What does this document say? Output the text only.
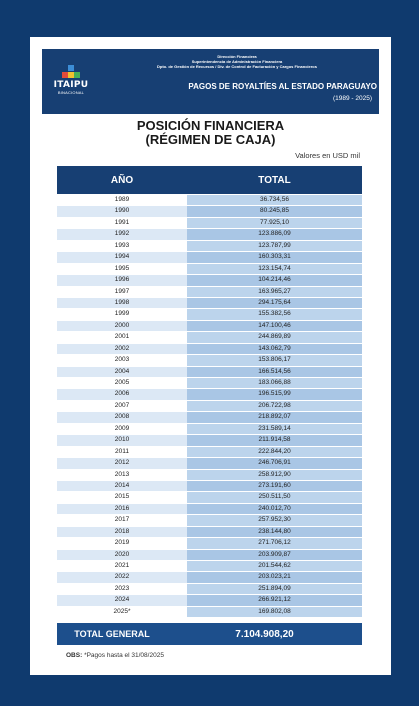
ITAIPU
BINACIONAL
Dirección Financiera
Superintendencia de Administración Financiera
Dpto. de Gestión de Recursos / Div. de Control de Facturación y Cargos Financieros
PAGOS DE ROYALTÍES AL ESTADO PARAGUAYO
(1989 - 2025)
POSICIÓN FINANCIERA
(RÉGIMEN DE CAJA)
Valores en USD mil
AÑO	TOTAL
1989	36.734,56
1990	80.245,85
1991	77.925,10
1992	123.886,09
1993	123.787,99
1994	160.303,31
1995	123.154,74
1996	104.214,46
1997	163.965,27
1998	294.175,64
1999	155.382,56
2000	147.100,46
2001	244.869,89
2002	143.062,79
2003	153.806,17
2004	166.514,56
2005	183.066,88
2006	196.515,99
2007	206.722,98
2008	218.892,07
2009	231.589,14
2010	211.914,58
2011	222.844,20
2012	246.706,91
2013	258.912,90
2014	273.191,60
2015	250.511,50
2016	240.012,70
2017	257.952,30
2018	238.144,80
2019	271.706,12
2020	203.909,87
2021	201.544,62
2022	203.023,21
2023	251.894,09
2024	266.921,12
2025*	169.802,08
TOTAL GENERAL	7.104.908,20
OBS: *Pagos hasta el 31/08/2025
